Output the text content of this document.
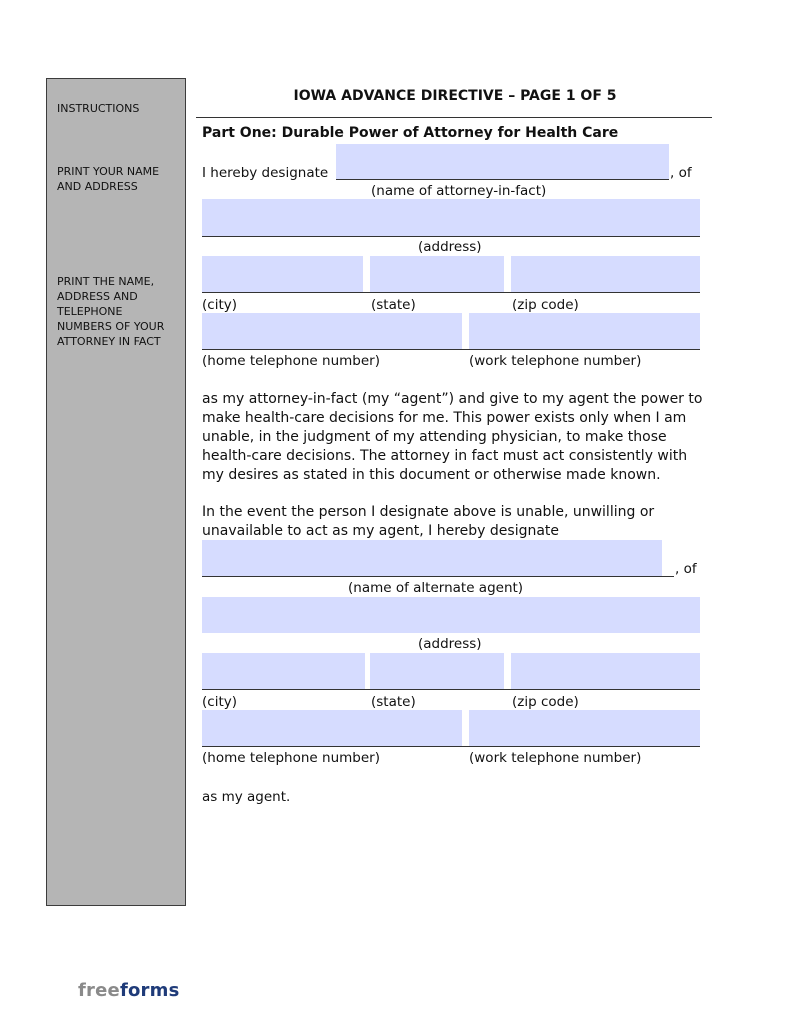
INSTRUCTIONS
PRINT YOUR NAME AND ADDRESS
PRINT THE NAME, ADDRESS AND TELEPHONE NUMBERS OF YOUR ATTORNEY IN FACT
IOWA ADVANCE DIRECTIVE – PAGE 1 OF 5
Part One: Durable Power of Attorney for Health Care
I hereby designate	, of
(name of attorney-in-fact)
(address)
(city)	(state)	(zip code)
(home telephone number)	(work telephone number)
as my attorney-in-fact (my “agent”) and give to my agent the power to make health-care decisions for me. This power exists only when I am unable, in the judgment of my attending physician, to make those health-care decisions. The attorney in fact must act consistently with my desires as stated in this document or otherwise made known.
In the event the person I designate above is unable, unwilling or unavailable to act as my agent, I hereby designate
, of
(name of alternate agent)
(address)
(city)	(state)	(zip code)
(home telephone number)	(work telephone number)
as my agent.
freeforms
